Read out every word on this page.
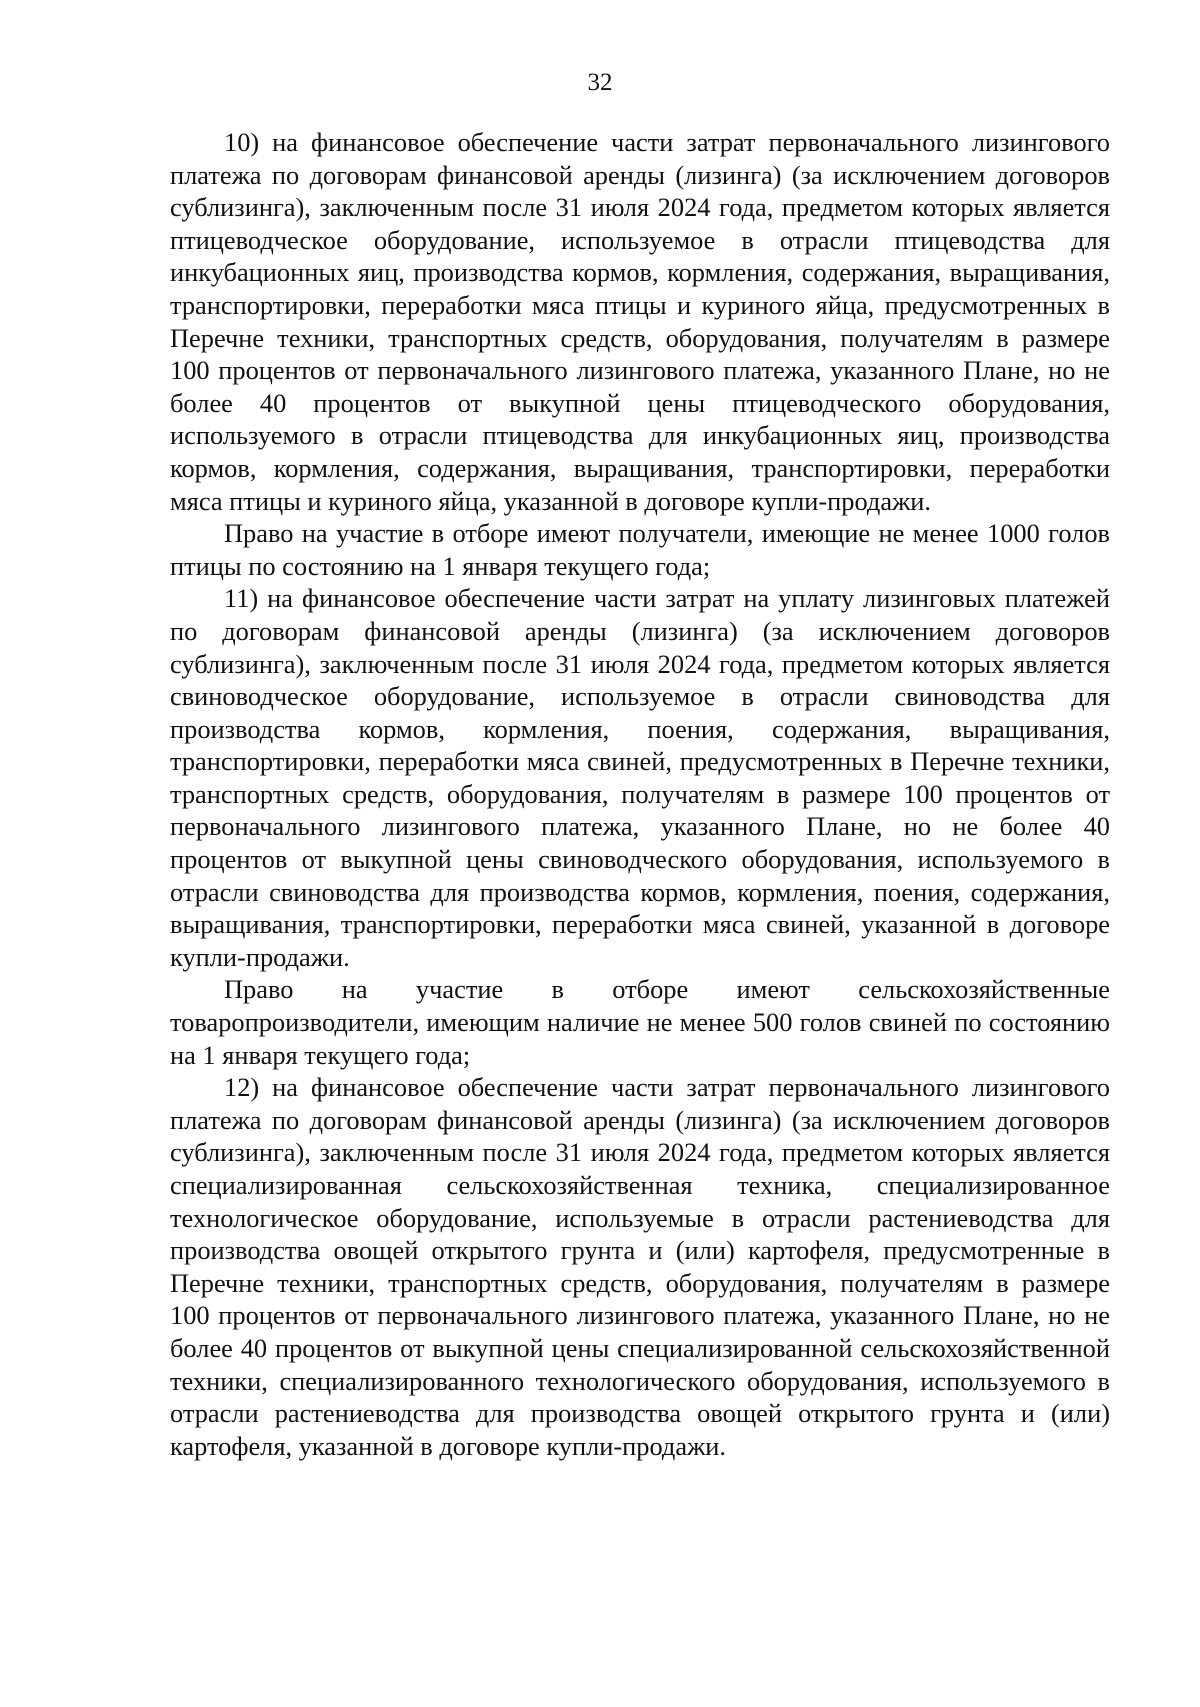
32

10) на финансовое обеспечение части затрат первоначального лизингового платежа по договорам финансовой аренды (лизинга) (за исключением договоров сублизинга), заключенным после 31 июля 2024 года, предметом которых является птицеводческое оборудование, используемое в отрасли птицеводства для инкубационных яиц, производства кормов, кормления, содержания, выращивания, транспортировки, переработки мяса птицы и куриного яйца, предусмотренных в Перечне техники, транспортных средств, оборудования, получателям в размере 100 процентов от первоначального лизингового платежа, указанного Плане, но не более 40 процентов от выкупной цены птицеводческого оборудования, используемого в отрасли птицеводства для инкубационных яиц, производства кормов, кормления, содержания, выращивания, транспортировки, переработки мяса птицы и куриного яйца, указанной в договоре купли-продажи.

Право на участие в отборе имеют получатели, имеющие не менее 1000 голов птицы по состоянию на 1 января текущего года;

11) на финансовое обеспечение части затрат на уплату лизинговых платежей по договорам финансовой аренды (лизинга) (за исключением договоров сублизинга), заключенным после 31 июля 2024 года, предметом которых является свиноводческое оборудование, используемое в отрасли свиноводства для производства кормов, кормления, поения, содержания, выращивания, транспортировки, переработки мяса свиней, предусмотренных в Перечне техники, транспортных средств, оборудования, получателям в размере 100 процентов от первоначального лизингового платежа, указанного Плане, но не более 40 процентов от выкупной цены свиноводческого оборудования, используемого в отрасли свиноводства для производства кормов, кормления, поения, содержания, выращивания, транспортировки, переработки мяса свиней, указанной в договоре купли-продажи.

Право на участие в отборе имеют сельскохозяйственные товаропроизводители, имеющим наличие не менее 500 голов свиней по состоянию на 1 января текущего года;

12) на финансовое обеспечение части затрат первоначального лизингового платежа по договорам финансовой аренды (лизинга) (за исключением договоров сублизинга), заключенным после 31 июля 2024 года, предметом которых является специализированная сельскохозяйственная техника, специализированное технологическое оборудование, используемые в отрасли растениеводства для производства овощей открытого грунта и (или) картофеля, предусмотренные в Перечне техники, транспортных средств, оборудования, получателям в размере 100 процентов от первоначального лизингового платежа, указанного Плане, но не более 40 процентов от выкупной цены специализированной сельскохозяйственной техники, специализированного технологического оборудования, используемого в отрасли растениеводства для производства овощей открытого грунта и (или) картофеля, указанной в договоре купли-продажи.
